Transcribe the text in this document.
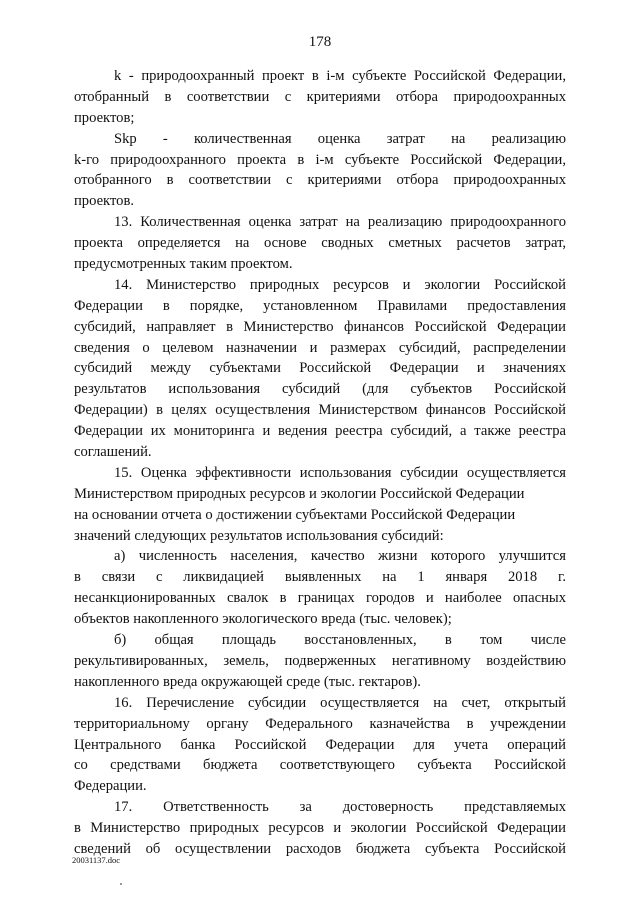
178
k - природоохранный проект в i-м субъекте Российской Федерации,
отобранный в соответствии с критериями отбора природоохранных
проектов;
Skp - количественная оценка затрат на реализацию
k-го природоохранного проекта в i-м субъекте Российской Федерации,
отобранного в соответствии с критериями отбора природоохранных
проектов.
13. Количественная оценка затрат на реализацию природоохранного
проекта определяется на основе сводных сметных расчетов затрат,
предусмотренных таким проектом.
14. Министерство природных ресурсов и экологии Российской
Федерации в порядке, установленном Правилами предоставления
субсидий, направляет в Министерство финансов Российской Федерации
сведения о целевом назначении и размерах субсидий, распределении
субсидий между субъектами Российской Федерации и значениях
результатов использования субсидий (для субъектов Российской
Федерации) в целях осуществления Министерством финансов Российской
Федерации их мониторинга и ведения реестра субсидий, а также реестра
соглашений.
15. Оценка эффективности использования субсидии осуществляется
Министерством природных ресурсов и экологии Российской Федерации
на основании отчета о достижении субъектами Российской Федерации
значений следующих результатов использования субсидий:
а) численность населения, качество жизни которого улучшится
в связи с ликвидацией выявленных на 1 января 2018 г.
несанкционированных свалок в границах городов и наиболее опасных
объектов накопленного экологического вреда (тыс. человек);
б) общая площадь восстановленных, в том числе
рекультивированных, земель, подверженных негативному воздействию
накопленного вреда окружающей среде (тыс. гектаров).
16. Перечисление субсидии осуществляется на счет, открытый
территориальному органу Федерального казначейства в учреждении
Центрального банка Российской Федерации для учета операций
со средствами бюджета соответствующего субъекта Российской
Федерации.
17. Ответственность за достоверность представляемых
в Министерство природных ресурсов и экологии Российской Федерации
сведений об осуществлении расходов бюджета субъекта Российской
20031137.doc
